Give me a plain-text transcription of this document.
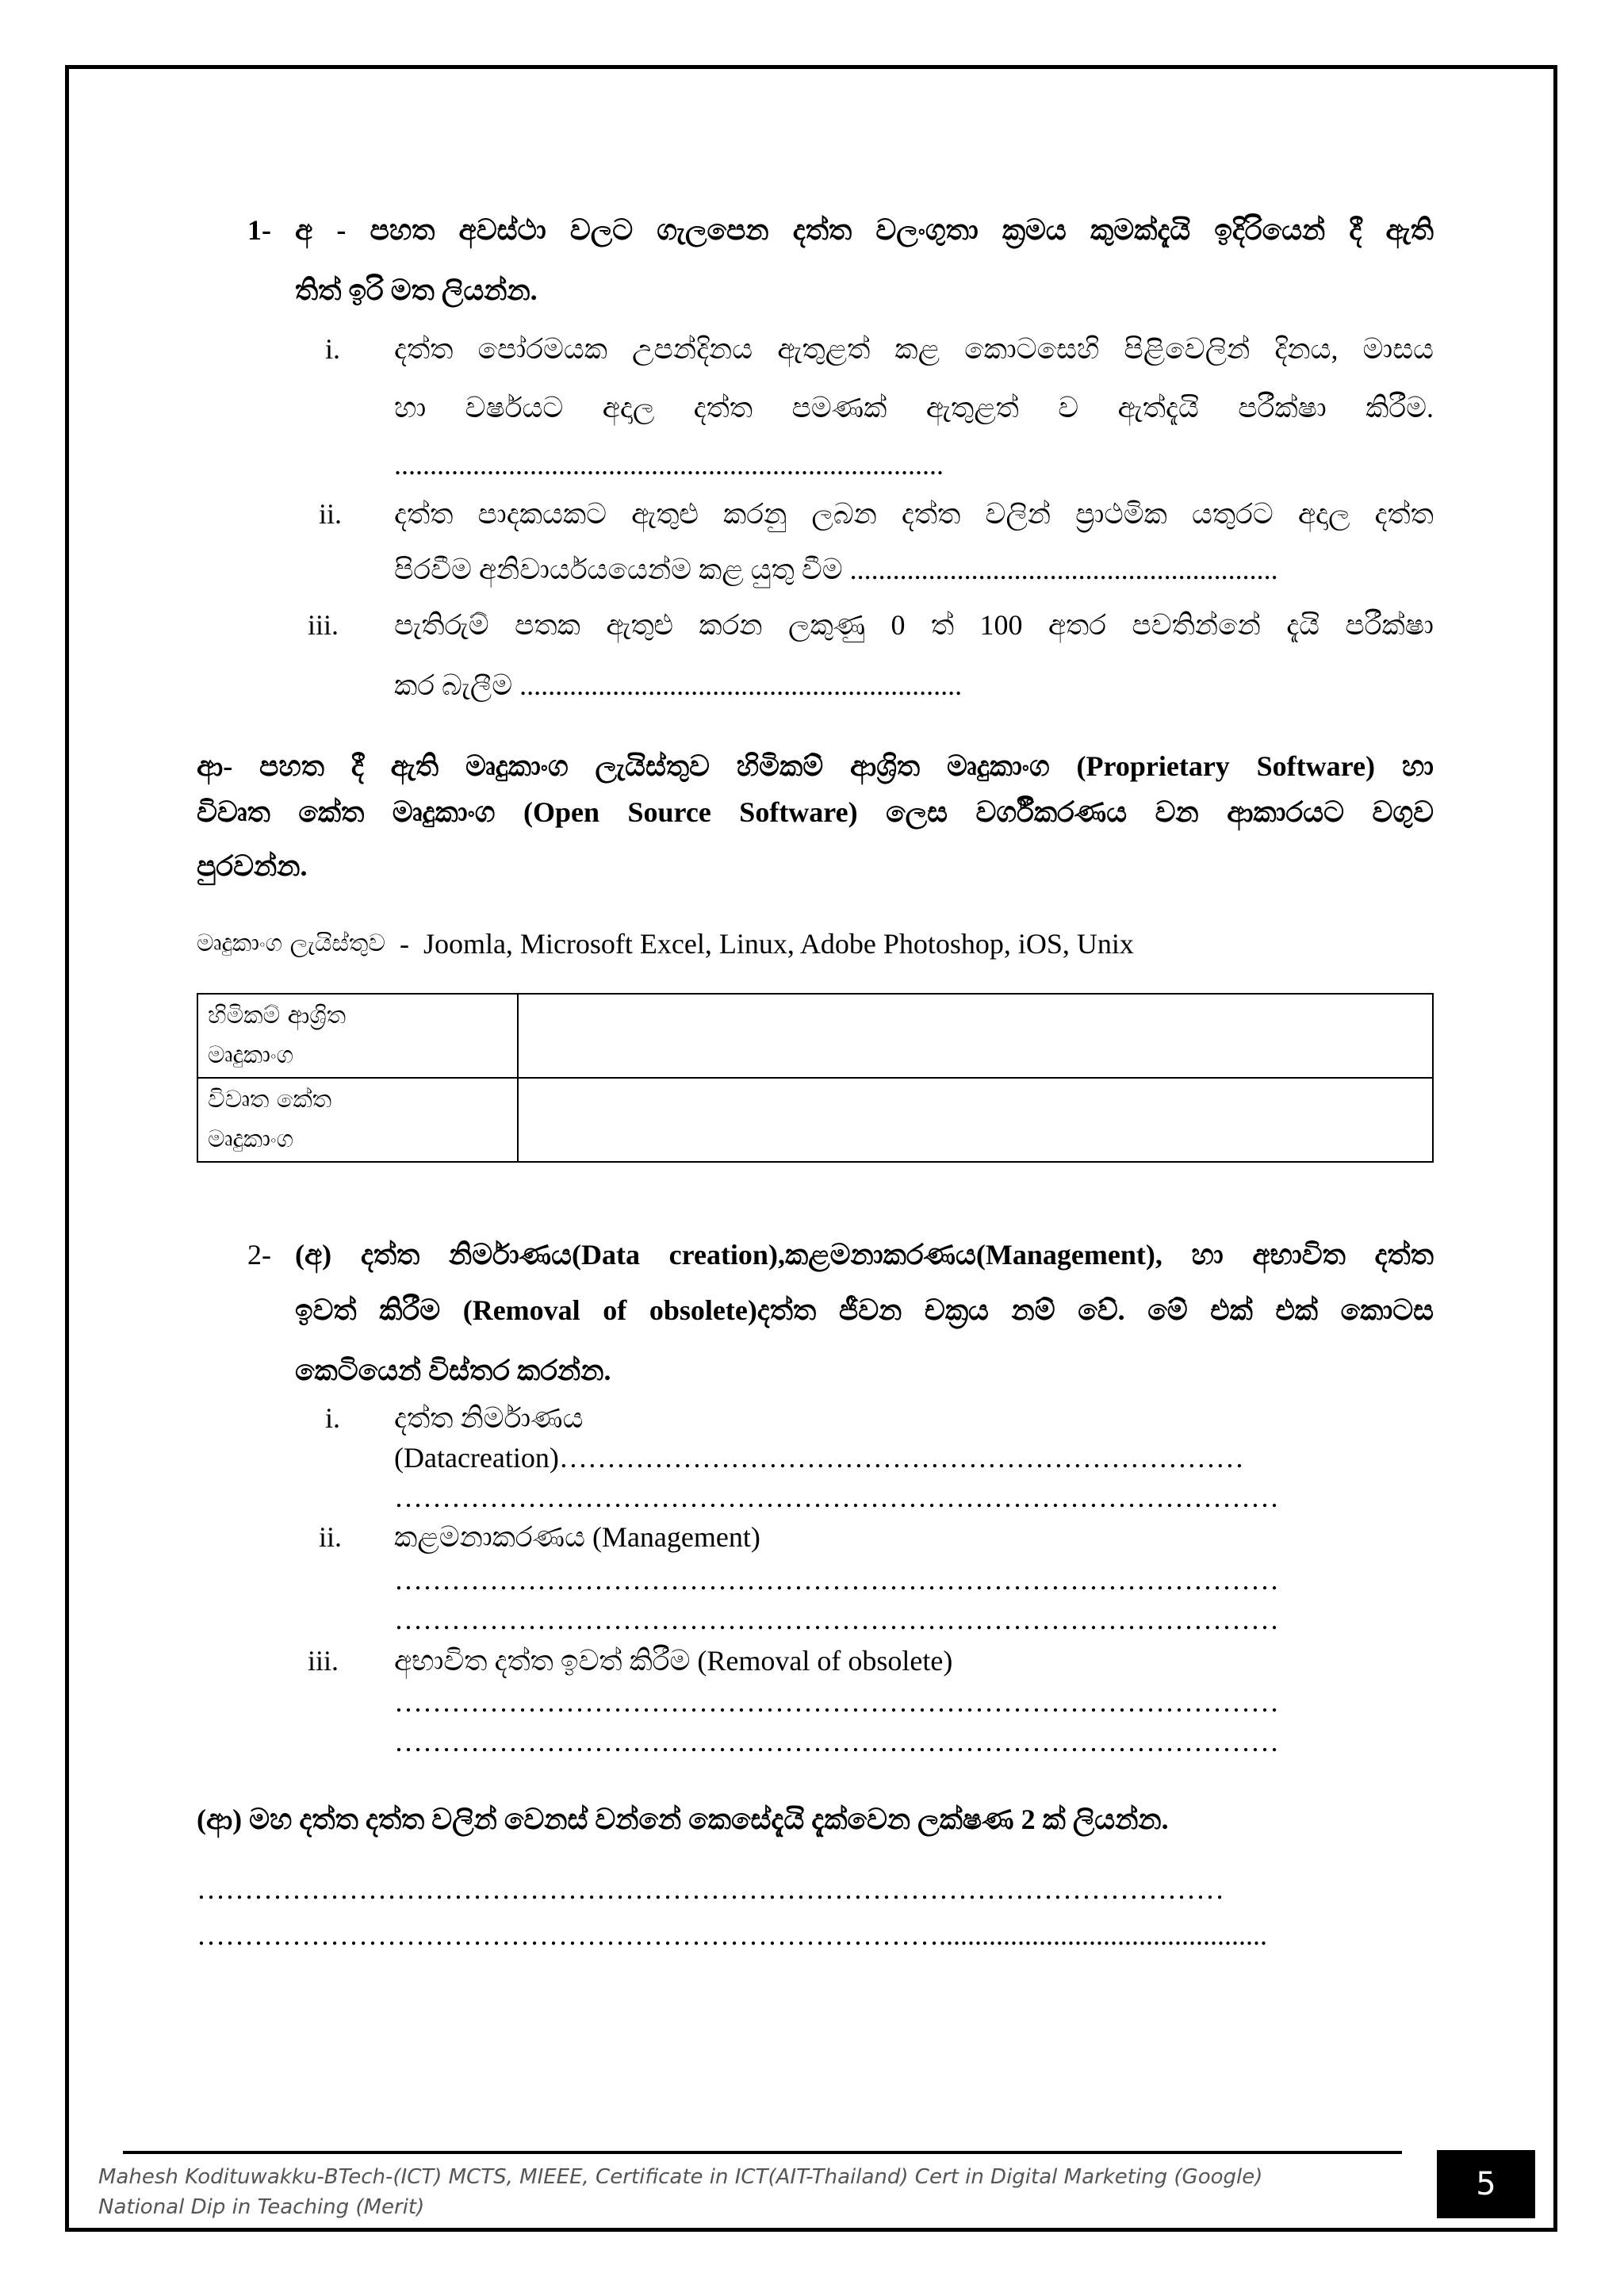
1- අ - පහත අවස්ථා වලට ගැලපෙන දත්ත වලංගුතා ක්‍රමය කුමක්දැයි ඉදිරියෙන් දී ඇති
තිත් ඉරි මත ලියන්න.
i. දත්ත පෝරමයක උපන්දිනය ඇතුළත් කළ කොටසෙහි පිළිවෙලින් දිනය, මාසය
හා වර්ෂයට අදාල දත්ත පමණක් ඇතුළත් ව ඇත්දැයි පරීක්ෂා කිරීම.
.............................................................................
ii. දත්ත පාදකයකට ඇතුළු කරනු ලබන දත්ත වලින් ප්‍රාථමික යතුරට අදාල දත්ත
පිරවීම අනිවාර්යයයෙන්ම කළ යුතු වීම ............................................................
iii. පැතිරුම් පතක ඇතුළු කරන ලකුණු 0 ත් 100 අතර පවතින්නේ දැයි පරීක්ෂා
කර බැලීම ..............................................................
ආ- පහත දී ඇති මෘදුකාංග ලැයිස්තුව හිමිකම් ආශ්‍රිත මෘදුකාංග (Proprietary Software) හා
විවෘත කේත මෘදුකාංග (Open Source Software) ලෙස වර්ගීකරණය වන ආකාරයට වගුව
පුරවන්න.
මෘදුකාංග ලැයිස්තුව - Joomla, Microsoft Excel, Linux, Adobe Photoshop, iOS, Unix
හිමිකම් ආශ්‍රිත
මෘදුකාංග	

විවෘත කේත
මෘදුකාංග	

2- (අ) දත්ත නිර්මාණය(Data creation),කළමනාකරණය(Management), හා අභාවිත දත්ත
ඉවත් කිරීම (Removal of obsolete)දත්ත ජීවන චක්‍රය නම් වේ. මේ එක් එක් කොටස
කෙටියෙන් විස්තර කරන්න.
i. දත්ත නිර්මාණය
(Datacreation)………………………………………………………………
…………………………………………………………………………………
ii. කළමනාකරණය (Management)
…………………………………………………………………………………
…………………………………………………………………………………
iii. අභාවිත දත්ත ඉවත් කිරීම (Removal of obsolete)
…………………………………………………………………………………
…………………………………………………………………………………
(ආ) මහ දත්ත දත්ත වලින් වෙනස් වන්නේ කෙසේදැයි දැක්වෙන ලක්ෂණ 2 ක් ලියන්න.
………………………………………………………………………………………………
……………………………………………………………………..............................................
Mahesh Kodituwakku-BTech-(ICT) MCTS, MIEEE, Certificate in ICT(AIT-Thailand) Cert in Digital Marketing (Google)
National Dip in Teaching (Merit)
5
